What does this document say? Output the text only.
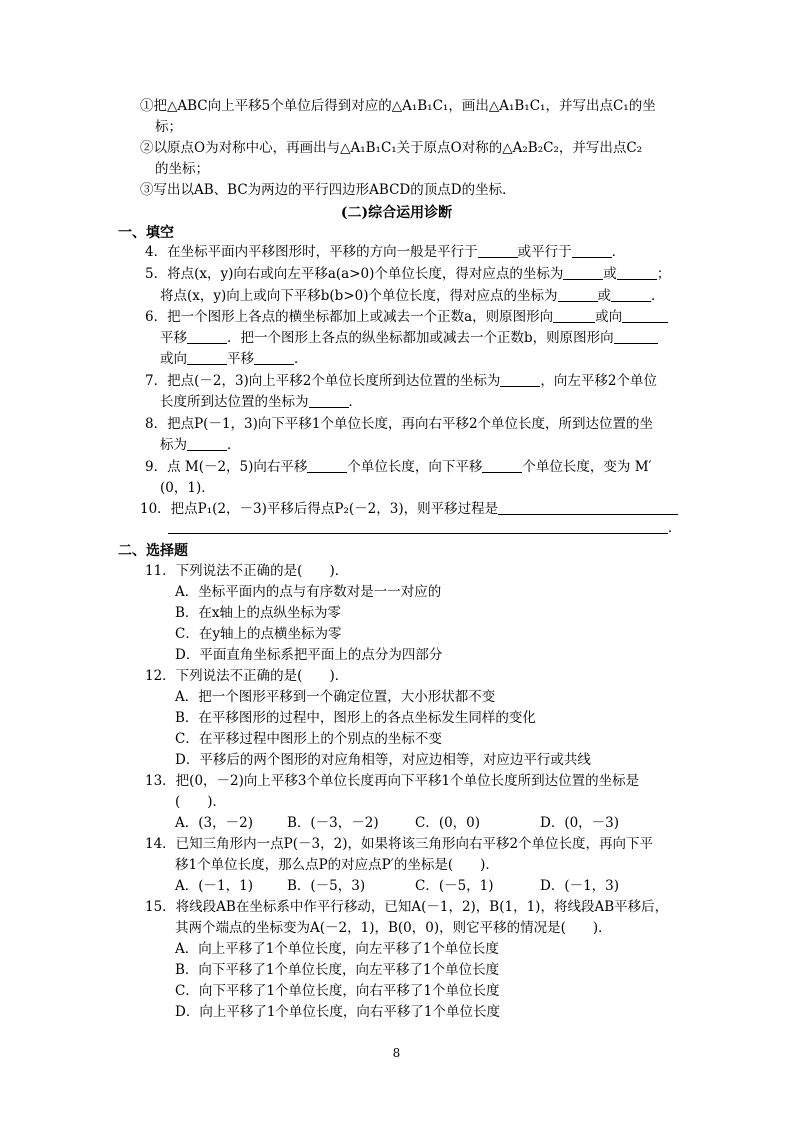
①把△ABC向上平移5个单位后得到对应的△A₁B₁C₁，画出△A₁B₁C₁，并写出点C₁的坐
标；
②以原点O为对称中心，再画出与△A₁B₁C₁关于原点O对称的△A₂B₂C₂，并写出点C₂
的坐标；
③写出以AB、BC为两边的平行四边形ABCD的顶点D的坐标．
(二)综合运用诊断
一、填空
4．在坐标平面内平移图形时，平移的方向一般是平行于	或平行于	．
5．将点(x，y)向右或向左平移a(a>0)个单位长度，得对应点的坐标为	或	；
将点(x，y)向上或向下平移b(b>0)个单位长度，得对应点的坐标为	或	．
6．把一个图形上各点的横坐标都加上或减去一个正数a，则原图形向	或向
平移	．把一个图形上各点的纵坐标都加或减去一个正数b，则原图形向
或向	平移	．
7．把点(－2，3)向上平移2个单位长度所到达位置的坐标为	，向左平移2个单位
长度所到达位置的坐标为	．
8．把点P(－1，3)向下平移1个单位长度，再向右平移2个单位长度，所到达位置的坐
标为	．
9．点 M(－2，5)向右平移	个单位长度，向下平移	个单位长度，变为 M′
(0，1)．
10．把点P₁(2，－3)平移后得点P₂(－2，3)，则平移过程是
．
二、选择题
11．下列说法不正确的是(　　)．
A．坐标平面内的点与有序数对是一一对应的
B．在x轴上的点纵坐标为零
C．在y轴上的点横坐标为零
D．平面直角坐标系把平面上的点分为四部分
12．下列说法不正确的是(　　)．
A．把一个图形平移到一个确定位置，大小形状都不变
B．在平移图形的过程中，图形上的各点坐标发生同样的变化
C．在平移过程中图形上的个别点的坐标不变
D．平移后的两个图形的对应角相等，对应边相等，对应边平行或共线
13．把(0，－2)向上平移3个单位长度再向下平移1个单位长度所到达位置的坐标是
(　　)．
A．(3，－2)	B．(－3，－2)	C．(0，0)	D．(0，－3)
14．已知三角形内一点P(－3，2)，如果将该三角形向右平移2个单位长度，再向下平
移1个单位长度，那么点P的对应点P′的坐标是(　　)．
A．(－1，1)	B．(－5，3)	C．(－5，1)	D．(－1，3)
15．将线段AB在坐标系中作平行移动，已知A(－1，2)，B(1，1)，将线段AB平移后，
其两个端点的坐标变为A(－2，1)，B(0，0)，则它平移的情况是(　　)．
A．向上平移了1个单位长度，向左平移了1个单位长度
B．向下平移了1个单位长度，向左平移了1个单位长度
C．向下平移了1个单位长度，向右平移了1个单位长度
D．向上平移了1个单位长度，向右平移了1个单位长度
8
